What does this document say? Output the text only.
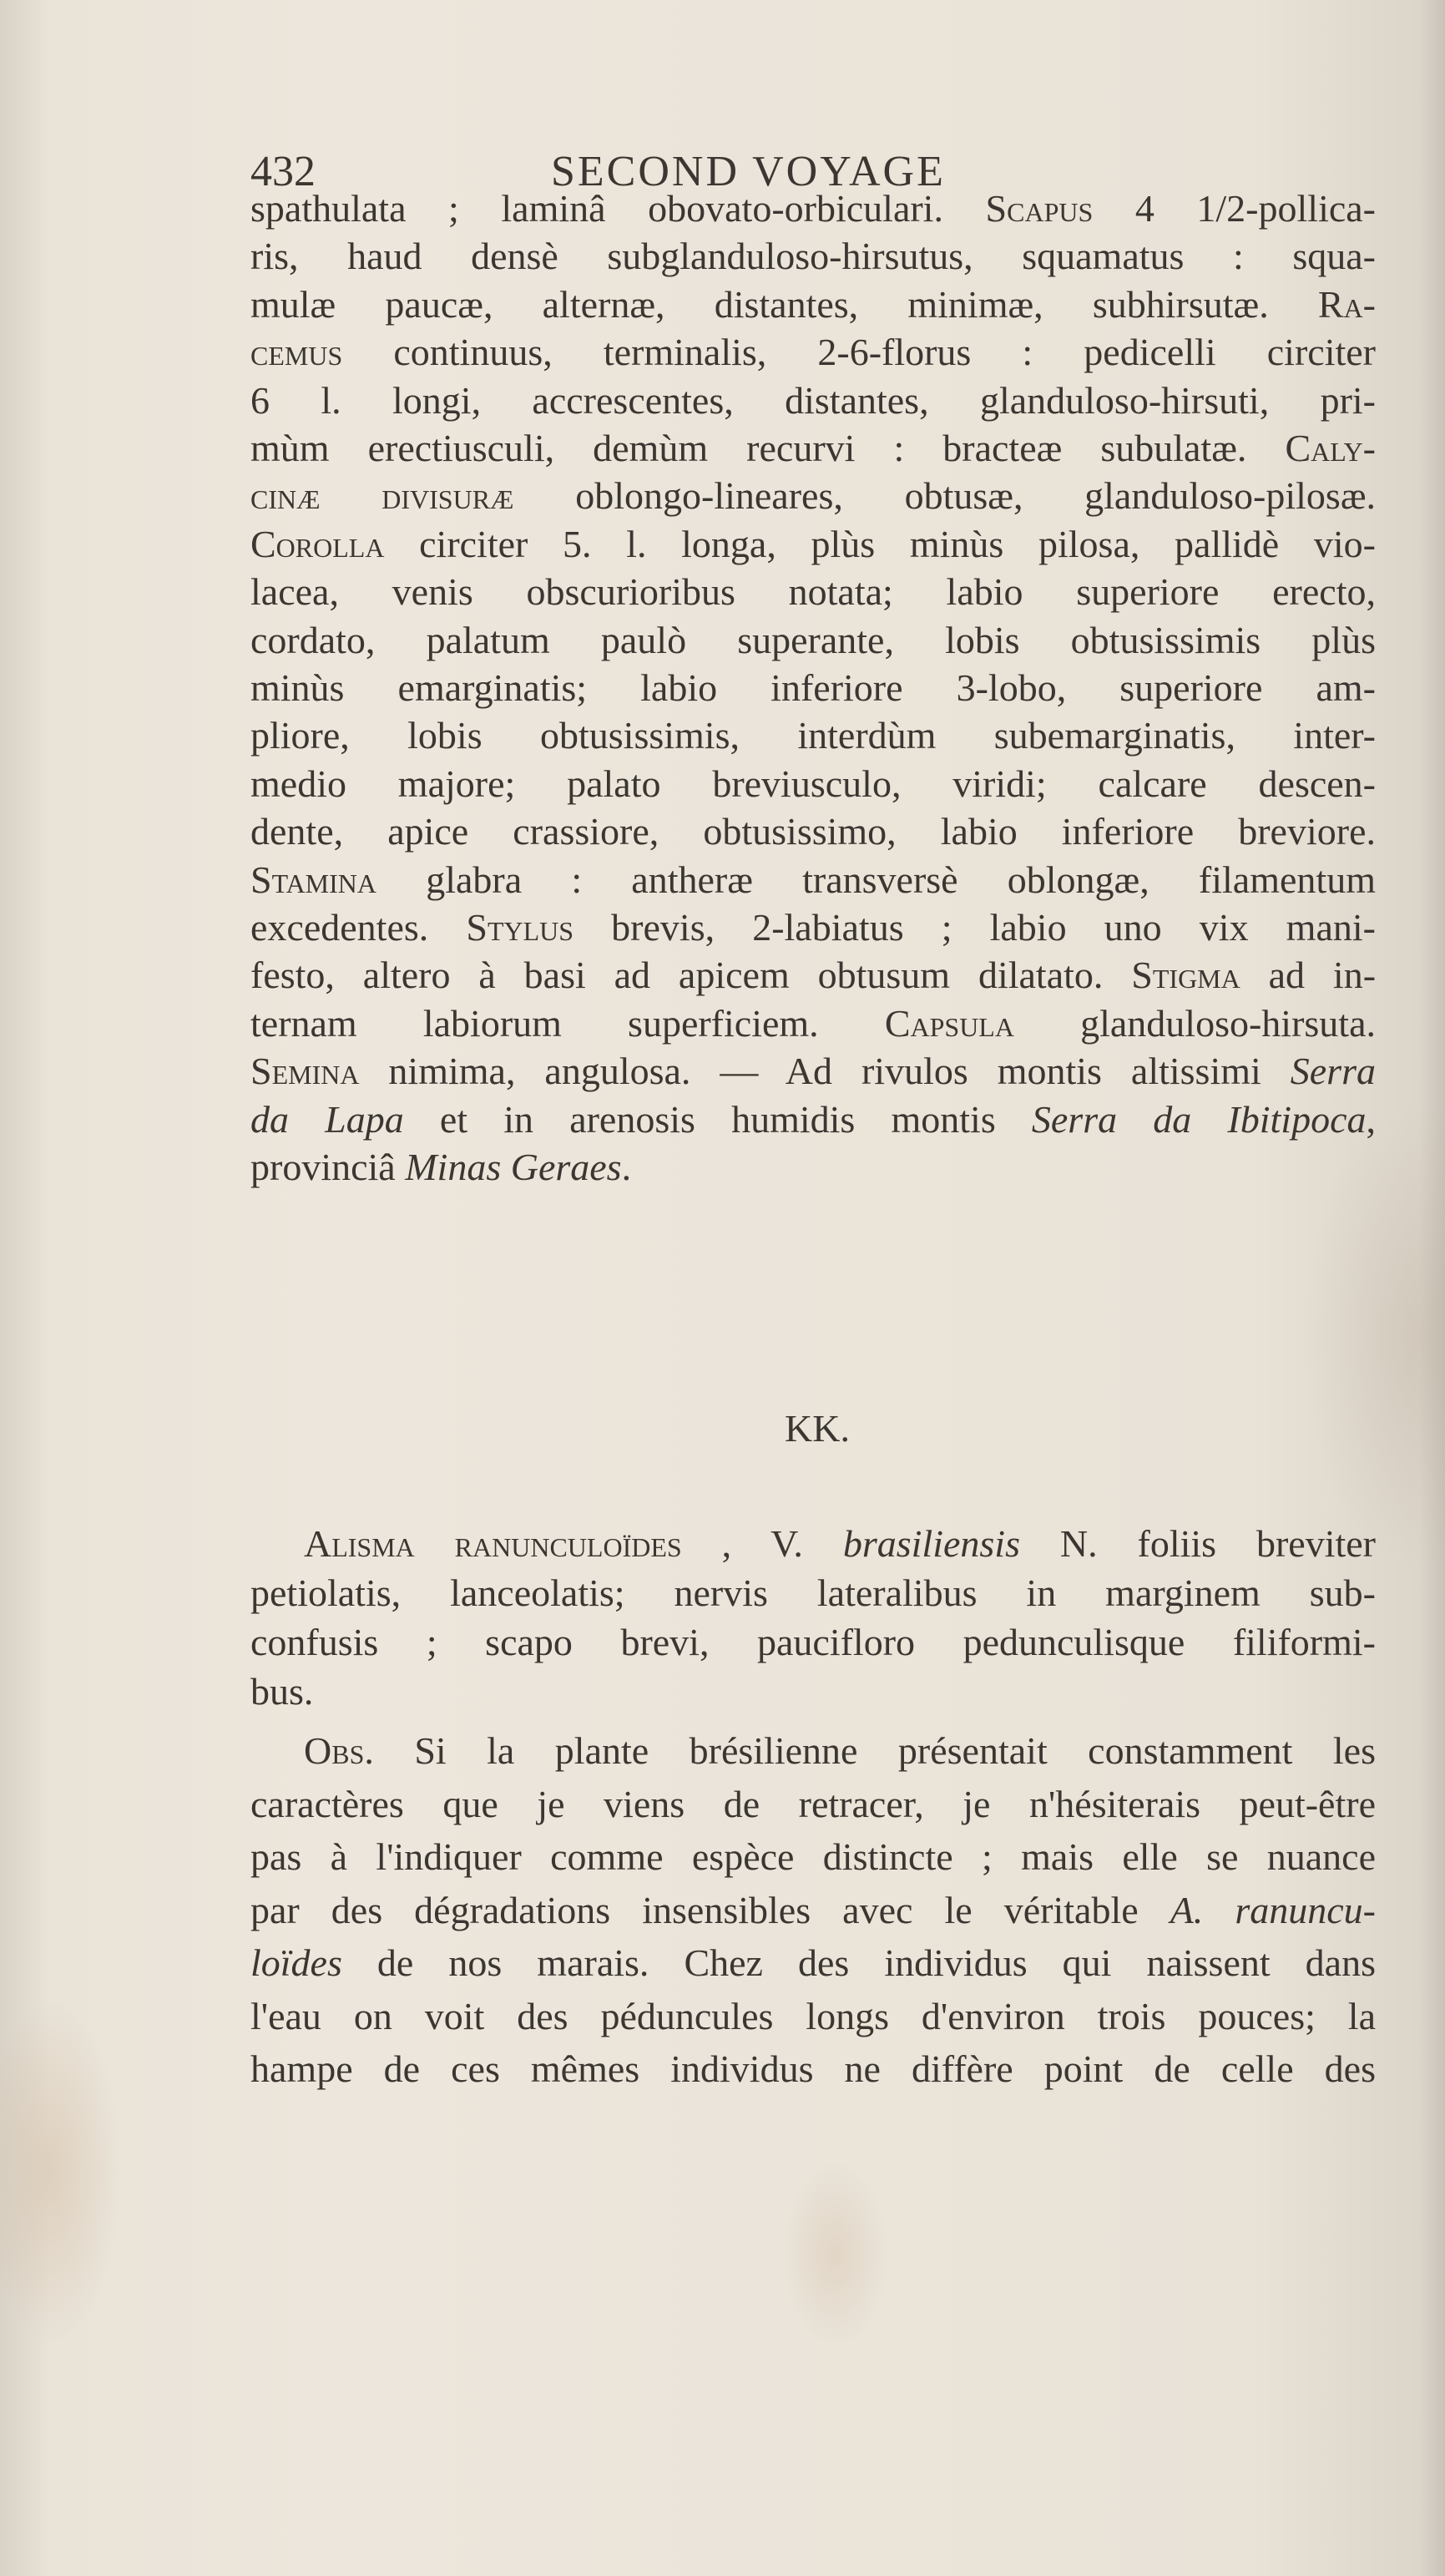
432	SECOND VOYAGE
spathulata ; laminâ obovato-orbiculari. Scapus 4 1/2-pollica-
ris, haud densè subglanduloso-hirsutus, squamatus : squa-
mulæ paucæ, alternæ, distantes, minimæ, subhirsutæ. Ra-
cemus continuus, terminalis, 2-6-florus : pedicelli circiter
6 l. longi, accrescentes, distantes, glanduloso-hirsuti, pri-
mùm erectiusculi, demùm recurvi : bracteæ subulatæ. Caly-
cinæ divisuræ oblongo-lineares, obtusæ, glanduloso-pilosæ.
Corolla circiter 5. l. longa, plùs minùs pilosa, pallidè vio-
lacea, venis obscurioribus notata; labio superiore erecto,
cordato, palatum paulò superante, lobis obtusissimis plùs
minùs emarginatis; labio inferiore 3-lobo, superiore am-
pliore, lobis obtusissimis, interdùm subemarginatis, inter-
medio majore; palato breviusculo, viridi; calcare descen-
dente, apice crassiore, obtusissimo, labio inferiore breviore.
Stamina glabra : antheræ transversè oblongæ, filamentum
excedentes. Stylus brevis, 2-labiatus ; labio uno vix mani-
festo, altero à basi ad apicem obtusum dilatato. Stigma ad in-
ternam labiorum superficiem. Capsula glanduloso-hirsuta.
Semina nimima, angulosa. — Ad rivulos montis altissimi Serra
da Lapa et in arenosis humidis montis Serra da Ibitipoca,
provinciâ Minas Geraes.
KK.
Alisma ranunculoïdes , V. brasiliensis N. foliis breviter
petiolatis, lanceolatis; nervis lateralibus in marginem sub-
confusis ; scapo brevi, paucifloro pedunculisque filiformi-
bus.
Obs. Si la plante brésilienne présentait constamment les
caractères que je viens de retracer, je n'hésiterais peut-être
pas à l'indiquer comme espèce distincte ; mais elle se nuance
par des dégradations insensibles avec le véritable A. ranuncu-
loïdes de nos marais. Chez des individus qui naissent dans
l'eau on voit des péduncules longs d'environ trois pouces; la
hampe de ces mêmes individus ne diffère point de celle des
